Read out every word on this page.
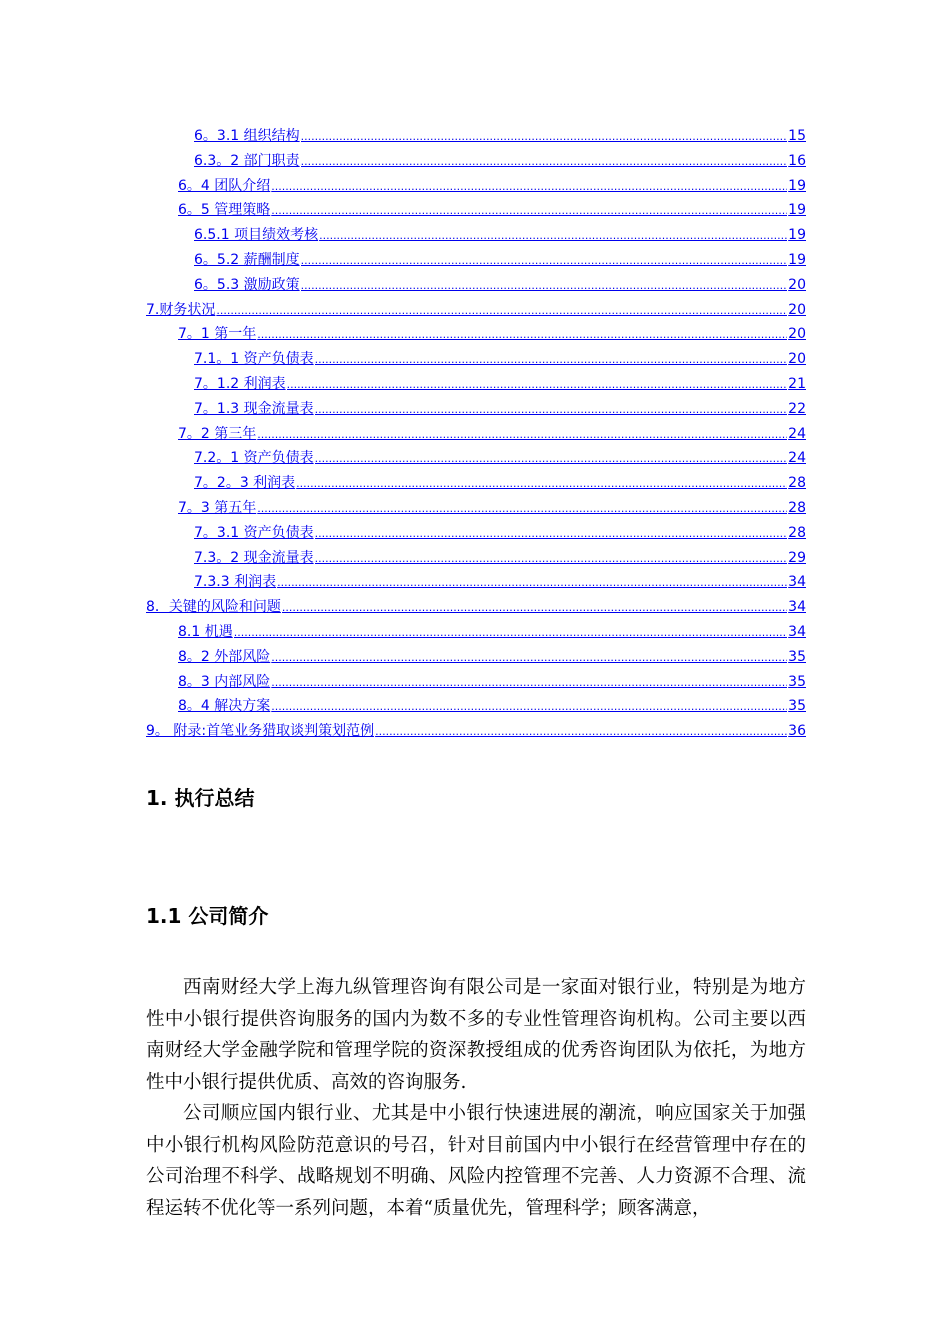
6。3.1 组织结构 .....	15
6.3。2 部门职责 .....	16
6。4 团队介绍 .....	19
6。5 管理策略 .....	19
6.5.1 项目绩效考核 .....	19
6。5.2 薪酬制度 .....	19
6。5.3 激励政策 .....	20
7.财务状况 .....	20
7。1 第一年 .....	20
7.1。1 资产负债表 .....	20
7。1.2 利润表 .....	21
7。1.3 现金流量表 .....	22
7。2 第三年 .....	24
7.2。1 资产负债表 .....	24
7。2。3 利润表 .....	28
7。3 第五年 .....	28
7。3.1 资产负债表 .....	28
7.3。2 现金流量表 .....	29
7.3.3 利润表 .....	34
8．关键的风险和问题 .....	34
8.1 机遇 .....	34
8。2 外部风险 .....	35
8。3 内部风险 .....	35
8。4 解决方案 .....	35
9。 附录:首笔业务猎取谈判策划范例 .....	36
1. 执行总结
1.1 公司简介

西南财经大学上海九纵管理咨询有限公司是一家面对银行业，特别是为地方性中小银行提供咨询服务的国内为数不多的专业性管理咨询机构。公司主要以西南财经大学金融学院和管理学院的资深教授组成的优秀咨询团队为依托，为地方性中小银行提供优质、高效的咨询服务.

公司顺应国内银行业、尤其是中小银行快速进展的潮流，响应国家关于加强中小银行机构风险防范意识的号召，针对目前国内中小银行在经营管理中存在的公司治理不科学、战略规划不明确、风险内控管理不完善、人力资源不合理、流程运转不优化等一系列问题，本着“质量优先，管理科学；顾客满意，
